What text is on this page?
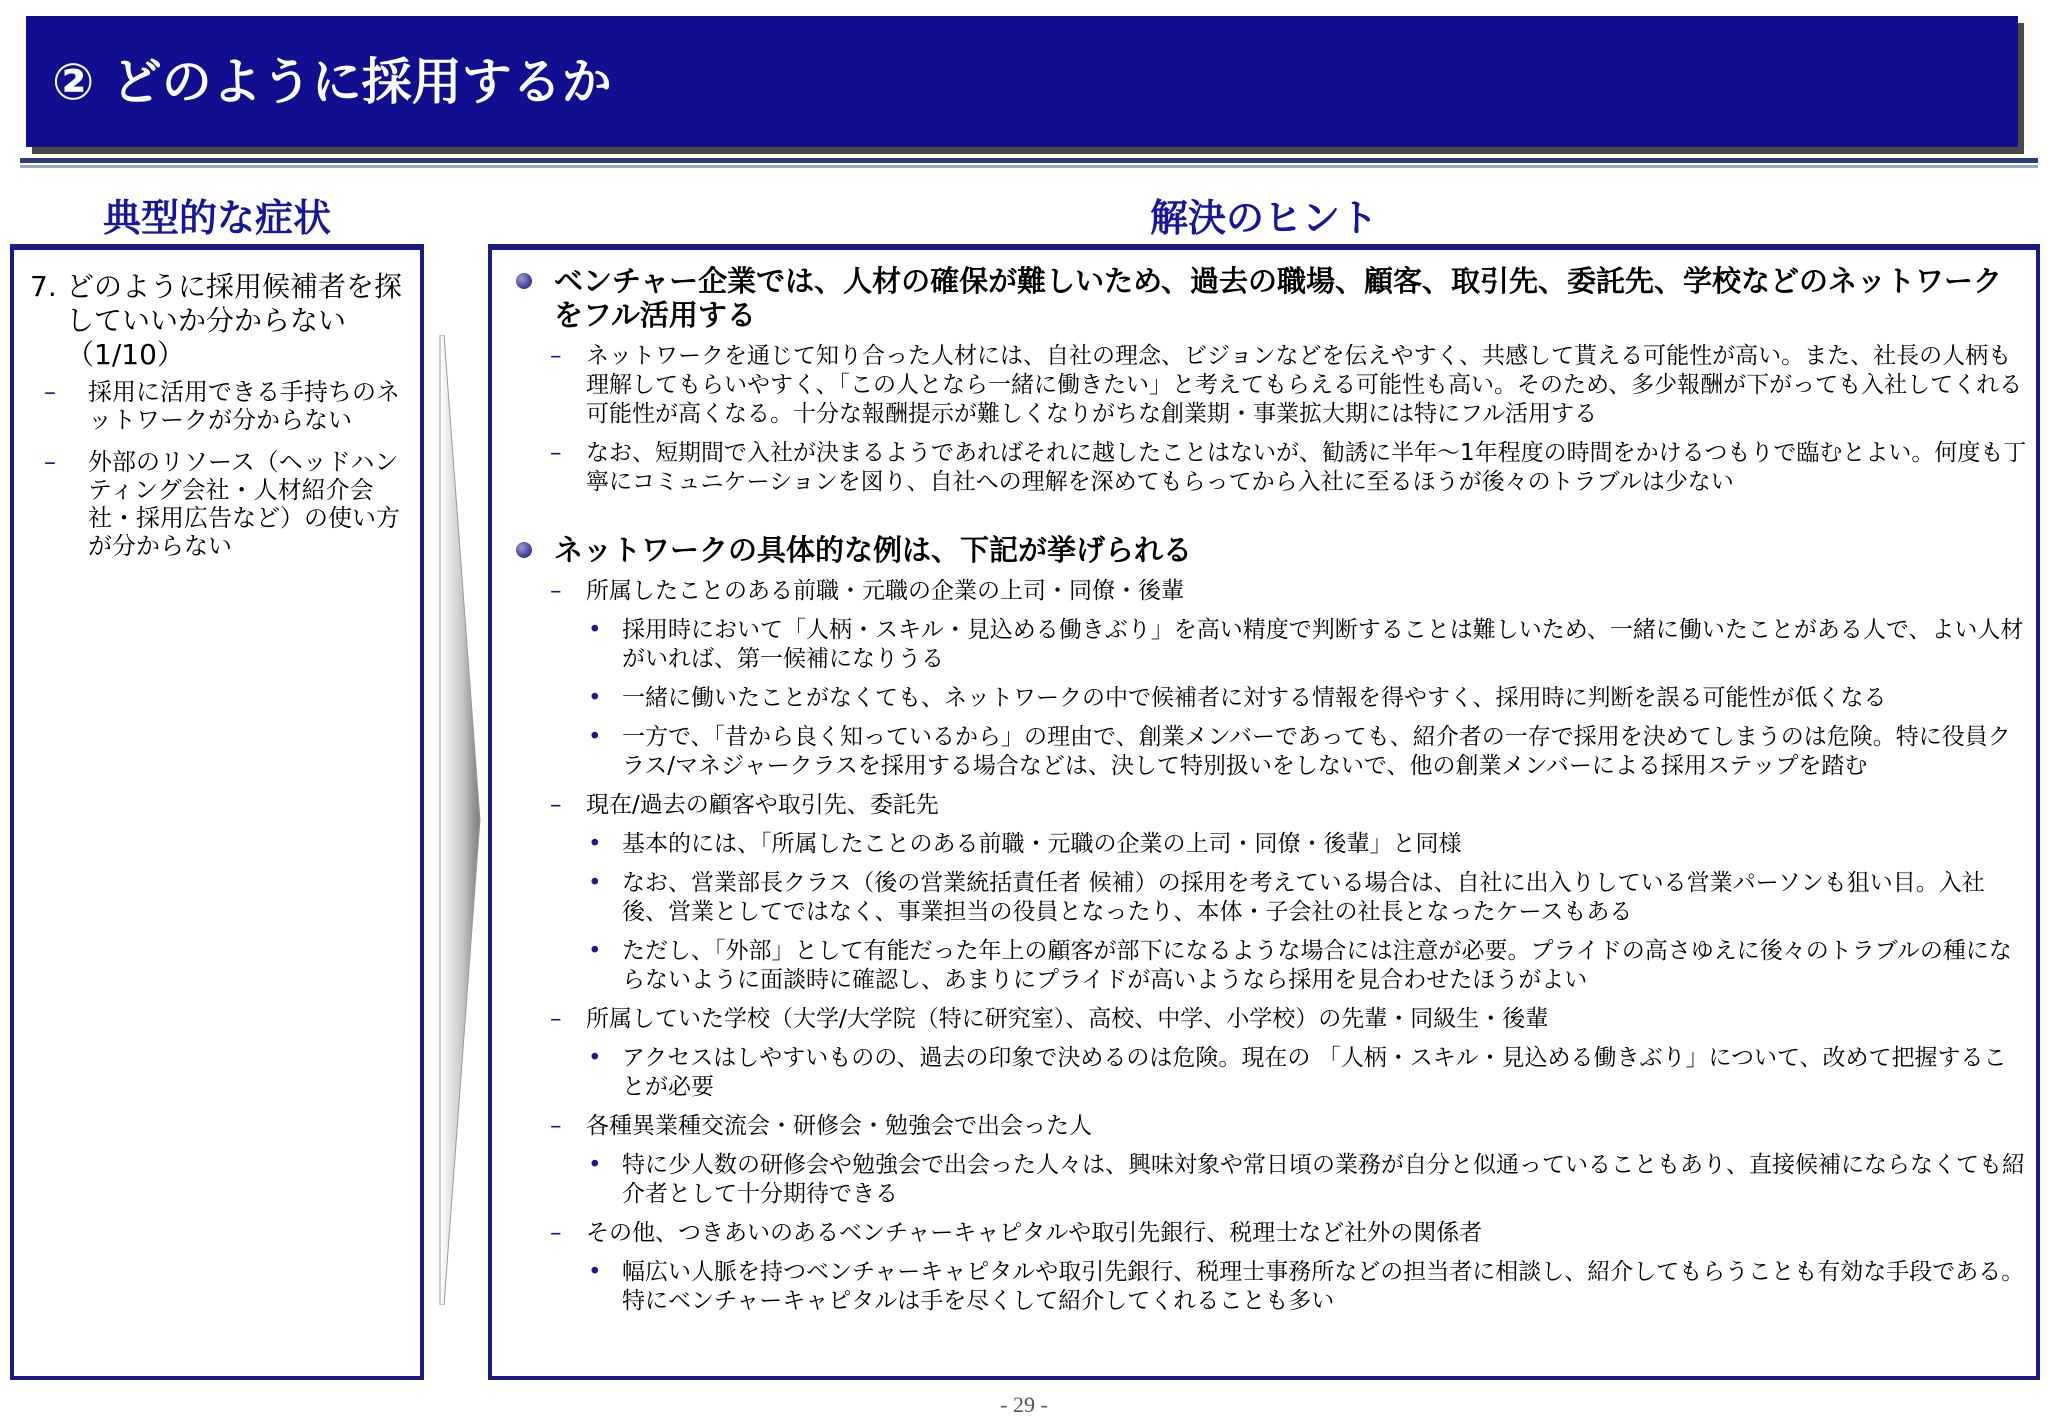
② どのように採用するか
典型的な症状	解決のヒント
7. どのように採用候補者を探していいか分からない（1/10）
– 採用に活用できる手持ちのネットワークが分からない
– 外部のリソース（ヘッドハンティング会社・人材紹介会社・採用広告など）の使い方が分からない
ベンチャー企業では、人材の確保が難しいため、過去の職場、顧客、取引先、委託先、学校などのネットワークをフル活用する
– ネットワークを通じて知り合った人材には、自社の理念、ビジョンなどを伝えやすく、共感して貰える可能性が高い。また、社長の人柄も理解してもらいやすく、「この人となら一緒に働きたい」と考えてもらえる可能性も高い。そのため、多少報酬が下がっても入社してくれる可能性が高くなる。十分な報酬提示が難しくなりがちな創業期・事業拡大期には特にフル活用する
– なお、短期間で入社が決まるようであればそれに越したことはないが、勧誘に半年～1年程度の時間をかけるつもりで臨むとよい。何度も丁寧にコミュニケーションを図り、自社への理解を深めてもらってから入社に至るほうが後々のトラブルは少ない
ネットワークの具体的な例は、下記が挙げられる
– 所属したことのある前職・元職の企業の上司・同僚・後輩
• 採用時において「人柄・スキル・見込める働きぶり」を高い精度で判断することは難しいため、一緒に働いたことがある人で、よい人材がいれば、第一候補になりうる
• 一緒に働いたことがなくても、ネットワークの中で候補者に対する情報を得やすく、採用時に判断を誤る可能性が低くなる
• 一方で、「昔から良く知っているから」の理由で、創業メンバーであっても、紹介者の一存で採用を決めてしまうのは危険。特に役員クラス/マネジャークラスを採用する場合などは、決して特別扱いをしないで、他の創業メンバーによる採用ステップを踏む
– 現在/過去の顧客や取引先、委託先
• 基本的には、「所属したことのある前職・元職の企業の上司・同僚・後輩」と同様
• なお、営業部長クラス（後の営業統括責任者 候補）の採用を考えている場合は、自社に出入りしている営業パーソンも狙い目。入社後、営業としてではなく、事業担当の役員となったり、本体・子会社の社長となったケースもある
• ただし、「外部」として有能だった年上の顧客が部下になるような場合には注意が必要。プライドの高さゆえに後々のトラブルの種にならないように面談時に確認し、あまりにプライドが高いようなら採用を見合わせたほうがよい
– 所属していた学校（大学/大学院（特に研究室）、高校、中学、小学校）の先輩・同級生・後輩
• アクセスはしやすいものの、過去の印象で決めるのは危険。現在の 「人柄・スキル・見込める働きぶり」について、改めて把握することが必要
– 各種異業種交流会・研修会・勉強会で出会った人
• 特に少人数の研修会や勉強会で出会った人々は、興味対象や常日頃の業務が自分と似通っていることもあり、直接候補にならなくても紹介者として十分期待できる
– その他、つきあいのあるベンチャーキャピタルや取引先銀行、税理士など社外の関係者
• 幅広い人脈を持つベンチャーキャピタルや取引先銀行、税理士事務所などの担当者に相談し、紹介してもらうことも有効な手段である。特にベンチャーキャピタルは手を尽くして紹介してくれることも多い
- 29 -
